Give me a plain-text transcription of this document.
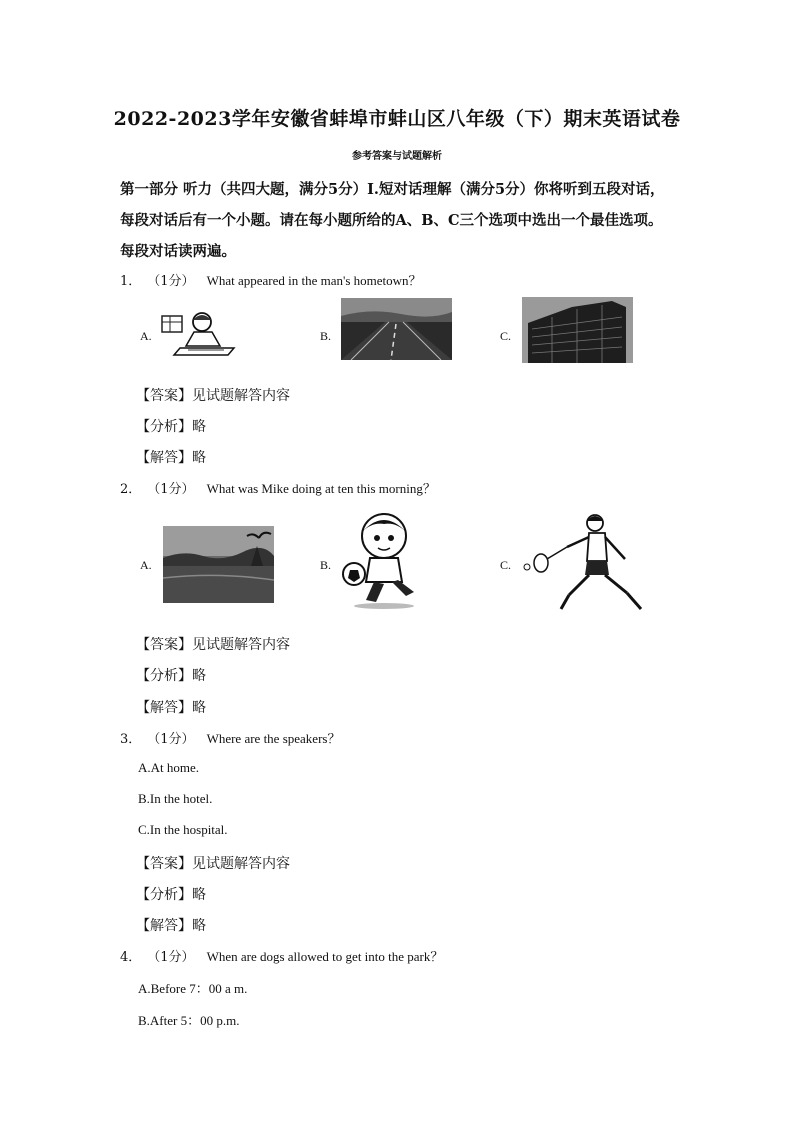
2022-2023学年安徽省蚌埠市蚌山区八年级（下）期末英语试卷
参考答案与试题解析
第一部分 听力（共四大题，满分5分）Ⅰ.短对话理解（满分5分）你将听到五段对话，每段对话后有一个小题。请在每小题所给的A、B、C三个选项中选出一个最佳选项。每段对话读两遍。
1． （1分） What appeared in the man's hometown？
A.	B.	C.
【答案】见试题解答内容
【分析】略
【解答】略
2． （1分） What was Mike doing at ten this morning？
A.	B.	C.
【答案】见试题解答内容
【分析】略
【解答】略
3． （1分） Where are the speakers？
A.At home.
B.In the hotel.
C.In the hospital.
【答案】见试题解答内容
【分析】略
【解答】略
4． （1分） When are dogs allowed to get into the park？
A.Before 7：00 a m.
B.After 5：00 p.m.
